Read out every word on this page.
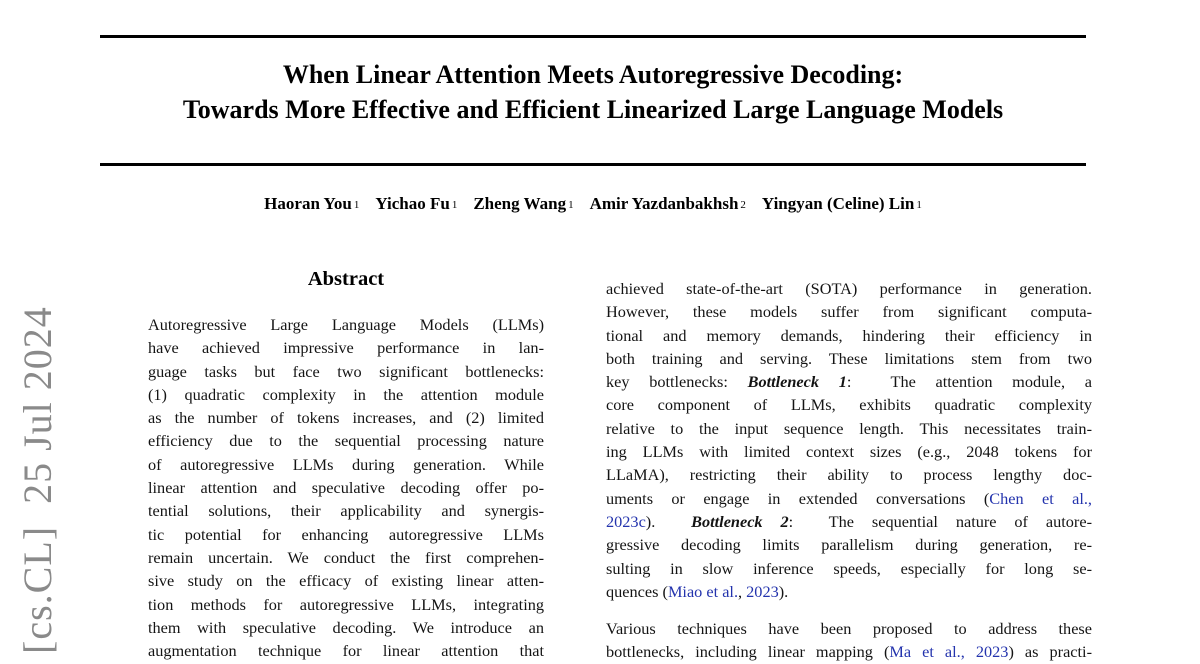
[cs.CL]  25 Jul 2024
When Linear Attention Meets Autoregressive Decoding:
Towards More Effective and Efficient Linearized Large Language Models
Haoran You 1 Yichao Fu 1 Zheng Wang 1 Amir Yazdanbakhsh 2 Yingyan (Celine) Lin 1
Abstract
Autoregressive Large Language Models (LLMs)
have achieved impressive performance in lan-
guage tasks but face two significant bottlenecks:
(1) quadratic complexity in the attention module
as the number of tokens increases, and (2) limited
efficiency due to the sequential processing nature
of autoregressive LLMs during generation. While
linear attention and speculative decoding offer po-
tential solutions, their applicability and synergis-
tic potential for enhancing autoregressive LLMs
remain uncertain. We conduct the first comprehen-
sive study on the efficacy of existing linear atten-
tion methods for autoregressive LLMs, integrating
them with speculative decoding. We introduce an
augmentation technique for linear attention that
achieved state-of-the-art (SOTA) performance in generation.
However, these models suffer from significant computa-
tional and memory demands, hindering their efficiency in
both training and serving. These limitations stem from two
key bottlenecks: Bottleneck 1:  The attention module, a
core component of LLMs, exhibits quadratic complexity
relative to the input sequence length. This necessitates train-
ing LLMs with limited context sizes (e.g., 2048 tokens for
LLaMA), restricting their ability to process lengthy doc-
uments or engage in extended conversations (Chen et al.,
2023c).  Bottleneck 2:  The sequential nature of autore-
gressive decoding limits parallelism during generation, re-
sulting in slow inference speeds, especially for long se-
quences (Miao et al., 2023).
Various techniques have been proposed to address these
bottlenecks, including linear mapping (Ma et al., 2023) as practi-
